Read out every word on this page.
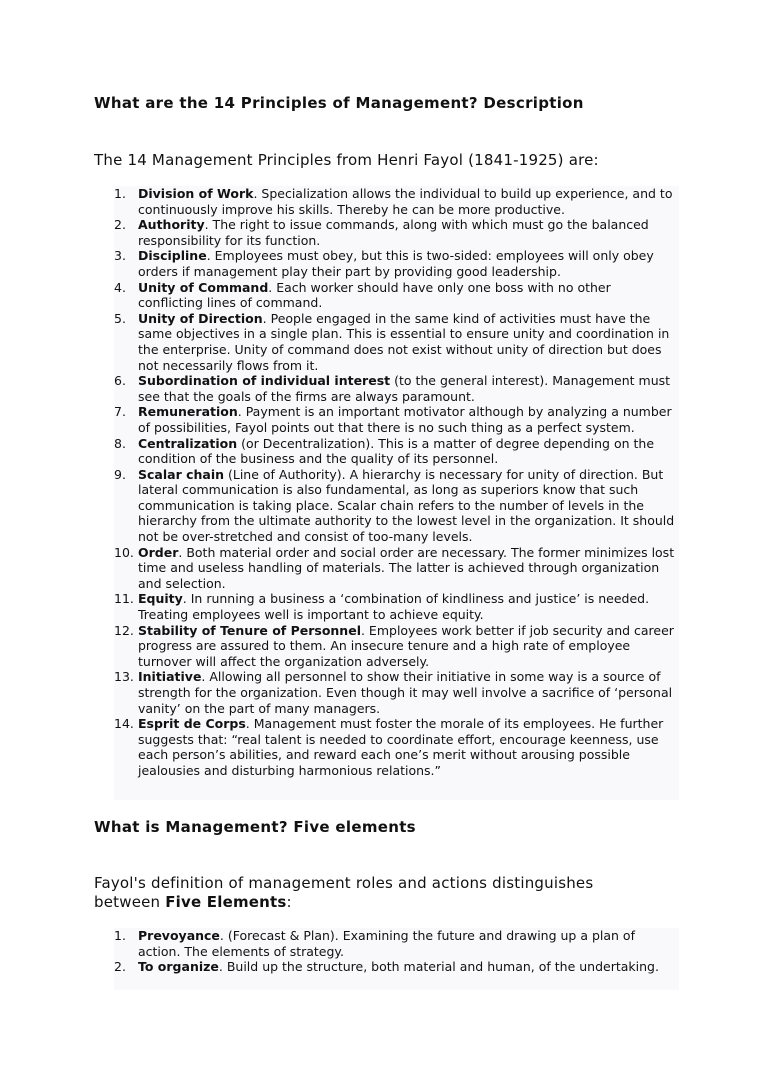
What are the 14 Principles of Management? Description
The 14 Management Principles from Henri Fayol (1841-1925) are:
1. Division of Work. Specialization allows the individual to build up experience, and to continuously improve his skills. Thereby he can be more productive.
2. Authority. The right to issue commands, along with which must go the balanced responsibility for its function.
3. Discipline. Employees must obey, but this is two-sided: employees will only obey orders if management play their part by providing good leadership.
4. Unity of Command. Each worker should have only one boss with no other conflicting lines of command.
5. Unity of Direction. People engaged in the same kind of activities must have the same objectives in a single plan. This is essential to ensure unity and coordination in the enterprise. Unity of command does not exist without unity of direction but does not necessarily flows from it.
6. Subordination of individual interest (to the general interest). Management must see that the goals of the firms are always paramount.
7. Remuneration. Payment is an important motivator although by analyzing a number of possibilities, Fayol points out that there is no such thing as a perfect system.
8. Centralization (or Decentralization). This is a matter of degree depending on the condition of the business and the quality of its personnel.
9. Scalar chain (Line of Authority). A hierarchy is necessary for unity of direction. But lateral communication is also fundamental, as long as superiors know that such communication is taking place. Scalar chain refers to the number of levels in the hierarchy from the ultimate authority to the lowest level in the organization. It should not be over-stretched and consist of too-many levels.
10. Order. Both material order and social order are necessary. The former minimizes lost time and useless handling of materials. The latter is achieved through organization and selection.
11. Equity. In running a business a ‘combination of kindliness and justice’ is needed. Treating employees well is important to achieve equity.
12. Stability of Tenure of Personnel. Employees work better if job security and career progress are assured to them. An insecure tenure and a high rate of employee turnover will affect the organization adversely.
13. Initiative. Allowing all personnel to show their initiative in some way is a source of strength for the organization. Even though it may well involve a sacrifice of ‘personal vanity’ on the part of many managers.
14. Esprit de Corps. Management must foster the morale of its employees. He further suggests that: “real talent is needed to coordinate effort, encourage keenness, use each person’s abilities, and reward each one’s merit without arousing possible jealousies and disturbing harmonious relations.”
What is Management? Five elements
Fayol's definition of management roles and actions distinguishes between Five Elements:
1. Prevoyance. (Forecast & Plan). Examining the future and drawing up a plan of action. The elements of strategy.
2. To organize. Build up the structure, both material and human, of the undertaking.
